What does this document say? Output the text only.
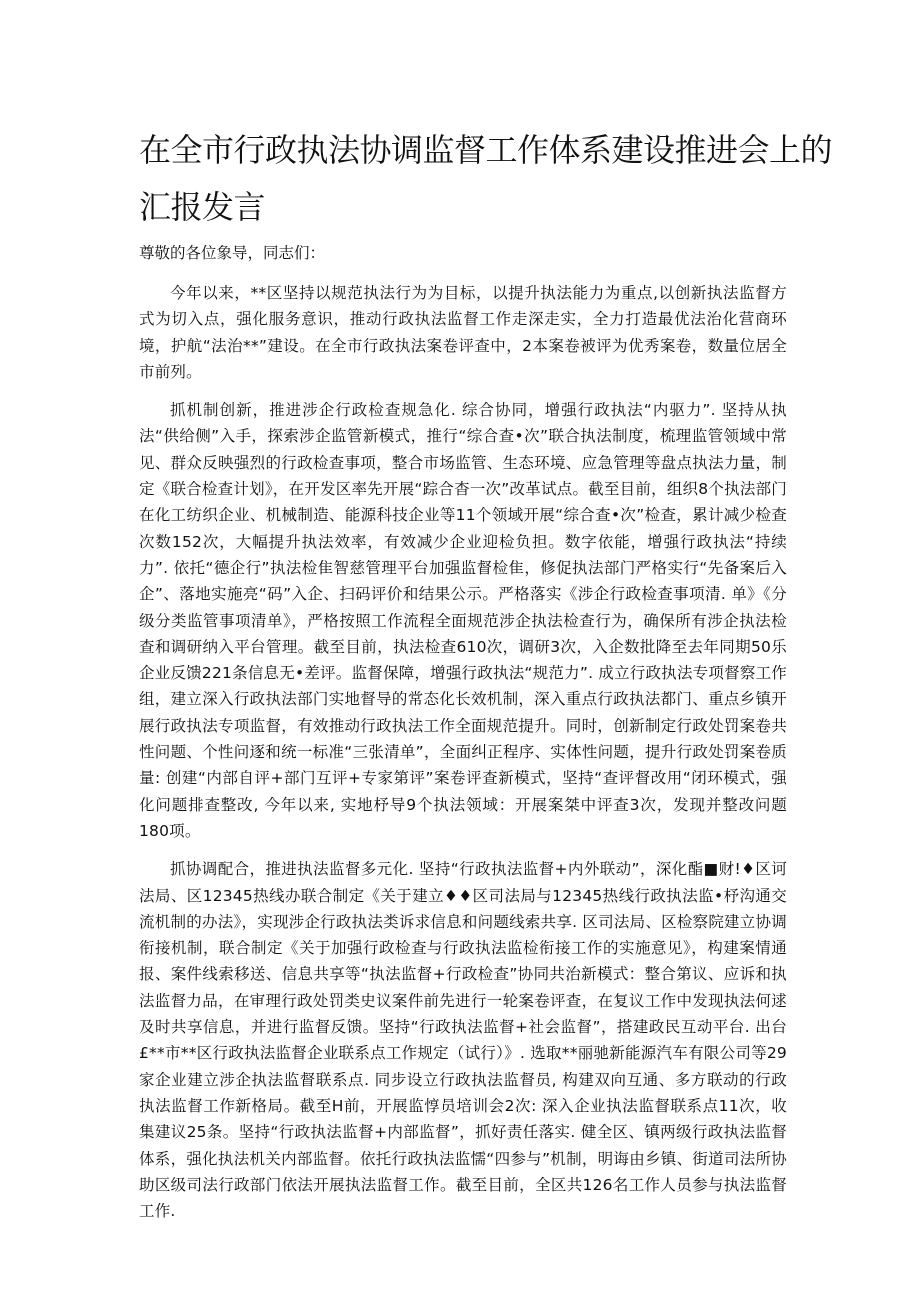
在全市行政执法协调监督工作体系建设推进会上的
汇报发言
尊敬的各位象导，同志们：

今年以来，**区坚持以规范执法行为为目标，以提升执法能力为重点,以创新执法监督方式为切入点，强化服务意识，推动行政执法监督工作走深走实，全力打造最优法治化营商环境，护航“法治**”建设。在全市行政执法案卷评查中，2本案卷被评为优秀案卷，数量位居全市前列。

抓机制创新，推进涉企行政检查规急化. 综合协同，增强行政执法“内驱力”. 坚持从执法“供给侧”入手，探索涉企监管新模式，推行“综合查•次”联合执法制度，梳理监管领域中常见、群众反映强烈的行政检查事项，整合市场监管、生态环境、应急管理等盘点执法力量，制定《联合检查计划》，在开发区率先开展“踪合杳一次”改革试点。截至目前，组织8个执法部门在化工纺织企业、机械制造、能源科技企业等11个领域开展“综合查•次”检查，累计减少检查次数152次，大幅提升执法效率，有效减少企业迎检负担。数字依能，增强行政执法“持续力”. 依托“德企行”执法检隹智慈管理平台加强监督检隹，修促执法部门严格实行“先备案后入企”、落地实施亮“码”入企、扫码评价和结果公示。严格落实《涉企行政检查事项清. 单》《分级分类监管事项清单》，严格按照工作流程全面规范涉企执法检查行为，确保所有涉企执法检查和调研纳入平台管理。截至目前，执法检查610次，调研3次，入企数批降至去年同期50乐企业反馈221条信息无•差评。监督保障，增强行政执法“规范力”. 成立行政执法专项督察工作组，建立深入行政执法部门实地督导的常态化长效机制，深入重点行政执法都门、重点乡镇开展行政执法专项监督，有效推动行政执法工作全面规范提升。同时，创新制定行政处罚案卷共性问题、个性问逐和统一标准“三张清单”，全面纠正程序、实体性问题，提升行政处罚案卷质量: 创建“内部自评+部门互评+专家第评”案卷评查新模式，坚持“查评督改用“闭环模式，强化问题排查整改, 今年以来, 实地杼导9个执法领域：开展案桀中评查3次，发现并整改问题180项。

抓协调配合，推进执法监督多元化. 坚持“行政执法监督+内外联动”，深化酯■财!♦区诃法局、区12345热线办联合制定《关于建立♦♦区司法局与12345热线行政执法监•杼沟通交流机制的办法》，实现涉企行政执法类诉求信息和问题线索共享. 区司法局、区检察院建立协调衔接机制，联合制定《关于加强行政检查与行政执法监检衔接工作的实施意见》，构建案情通报、案件线索移送、信息共享等“执法监督+行政检查”协同共治新模式：整合第议、应诉和执法监督力品，在审理行政处罚类史议案件前先进行一轮案卷评查，在复议工作中发现执法何逑及时共享信息，并进行监督反馈。坚持“行政执法监督+社会监督”，搭建政民互动平台. 出台£**市**区行政执法监督企业联系点工作规定（试行）》. 选取**丽驰新能源汽车有限公司等29家企业建立涉企执法监督联系点. 同步设立行政执法监督员, 构建双向互通、多方联动的行政执法监督工作新格局。截至H前，开展监惇员培训会2次: 深入企业执法监督联系点11次，收集建议25条。坚持“行政执法监督+内部监督”，抓好责任落实. 健全区、镇两级行政执法监督体系，强化执法机关内部监督。依托行政执法监懦“四参与”机制，明诲由乡镇、街道司法所协助区级司法行政部门依法开展执法监督工作。截至目前，全区共126名工作人员参与执法监督工作.
